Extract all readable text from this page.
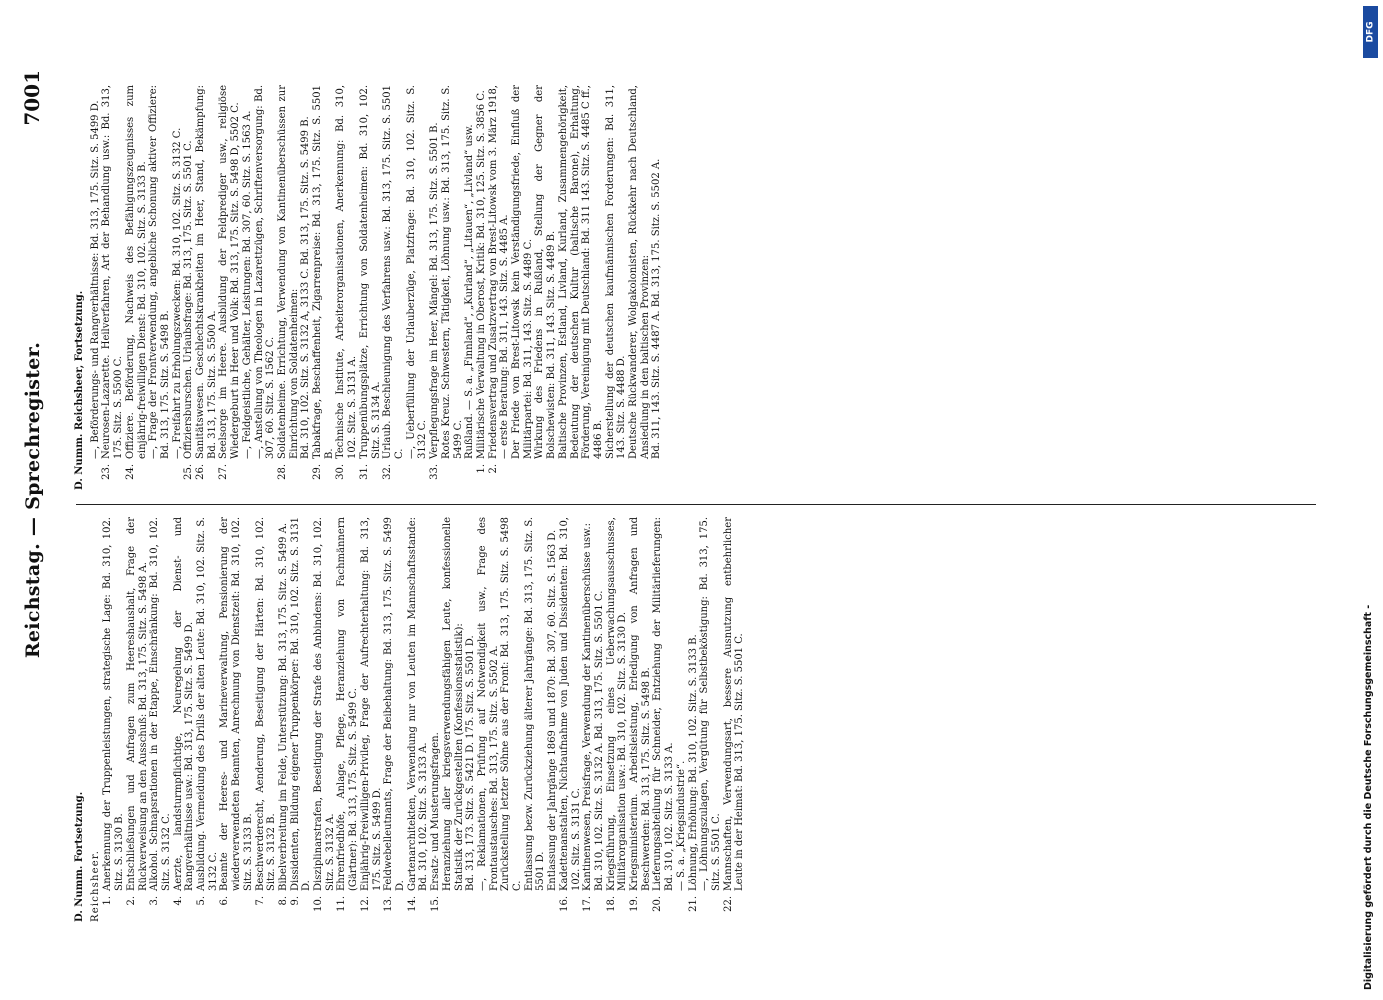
Reichstag. — Sprechregister.
7001
D. Numm. Fortsetzung. Reichsheer. 1.
Anerkennung der Truppenleistungen, strategische Lage: Bd. 310, 102. Sitz. S. 3130 B.
2.
Entschließungen und Anfragen zum Heereshaushalt, Frage der Rückverweisung an den Ausschuß: Bd. 313, 175. Sitz. S. 5498 A.
3.
Alkohol. Schnapsrationen in der Etappe, Einschränkung: Bd. 310, 102. Sitz. S. 3132 C.
4.
Aerzte, landsturmpflichtige, Neuregelung der Dienst- und Rangverhältnisse usw.: Bd. 313, 175. Sitz. S. 5499 D.
5.
Ausbildung. Vermeidung des Drills der alten Leute: Bd. 310, 102. Sitz. S. 3132 C.
6.
Beamte der Heeres- und Marineverwaltung, Pensionierung der wiederverwendeten Beamten, Anrechnung von Dienstzeit: Bd. 310, 102. Sitz. S. 3133 B.
7.
Beschwerderecht, Aenderung, Beseitigung der Härten: Bd. 310, 102. Sitz. S. 3132 B.
8.
Bibelverbreitung im Felde, Unterstützung: Bd. 313, 175. Sitz. S. 5499 A.
9.
Dissidenten, Bildung eigener Truppenkörper: Bd. 310, 102. Sitz. S. 3131 D.
10.
Disziplinarstrafen, Beseitigung der Strafe des Anbindens: Bd. 310, 102. Sitz. S. 3132 A.
11.
Ehrenfriedhöfe, Anlage, Pflege, Heranziehung von Fachmännern (Gärtner): Bd. 313, 175. Sitz. S. 5499 C.
12.
Einjährig-Freiwilligen-Privileg, Frage der Aufrechterhaltung: Bd. 313, 175. Sitz. S. 5499 D.
13.
Feldwebelleutnants, Frage der Beibehaltung: Bd. 313, 175. Sitz. S. 5499 D.
14.
Gartenarchitekten, Verwendung nur von Leuten im Mannschaftsstande: Bd. 310, 102. Sitz. S. 3133 A.
15.
Ersatz- und Musterungsfragen. Heranziehung aller kriegsverwendungsfähigen Leute, konfessionelle Statistik der Zurückgestellten (Konfessionsstatistik): Bd. 313, 173. Sitz. S. 5421 D. 175. Sitz. S. 5501 D. —, Reklamationen, Prüfung auf Notwendigkeit usw., Frage des Frontaustausches: Bd. 313, 175. Sitz. S. 5502 A. Zurückstellung letzter Söhne aus der Front: Bd. 313, 175. Sitz. S. 5498 C. Entlassung bezw. Zurückziehung älterer Jahrgänge: Bd. 313, 175. Sitz. S. 5501 D. Entlassung der Jahrgänge 1869 und 1870: Bd. 307, 60. Sitz. S. 1563 D.
16.
Kadettenanstalten, Nichtaufnahme von Juden und Dissidenten: Bd. 310, 102. Sitz. S. 3131 C.
17.
Kantinenwesen, Preisfrage, Verwendung der Kantinenüberschüsse usw.: Bd. 310, 102. Sitz. S. 3132 A. Bd. 313, 175. Sitz. S. 5501 C.
18.
Kriegsführung, Einsetzung eines Ueberwachungsausschusses, Militärorganisation usw.: Bd. 310, 102. Sitz. S. 3130 D.
19.
Kriegsministerium. Arbeitsleistung, Erledigung von Anfragen und Beschwerden: Bd. 313, 175. Sitz. S. 5498 B.
20.
Lieferungsabteilung für Schneider, Entziehung der Militärlieferungen: Bd. 310, 102. Sitz. S. 3133 A. — S. a. „Kriegsindustrie“.
21.
Löhnung, Erhöhung: Bd. 310, 102. Sitz. S. 3133 B. —, Löhnungszulagen, Vergütung für Selbstbeköstigung: Bd. 313, 175. Sitz. S. 5501 C.
22.
Mannschaften, Verwendungsart, bessere Ausnutzung entbehrlicher Leute in der Heimat: Bd. 313, 175. Sitz. S. 5501 C.
D. Numm. Reichsheer, Fortsetzung. —, Beförderungs- und Rangverhältnisse: Bd. 313, 175. Sitz. S. 5499 D.
23.
Neurosen-Lazarette. Heilverfahren, Art der Behandlung usw.: Bd. 313, 175. Sitz. S. 5500 C.
24.
Offiziere. Beförderung, Nachweis des Befähigungszeugnisses zum einjährig-freiwilligen Dienst: Bd. 310, 102. Sitz. S. 3133 B. —, Frage der Frontverwendung, angebliche Schonung aktiver Offiziere: Bd. 313, 175. Sitz. S. 5498 B. —, Freifahrt zu Erholungszwecken: Bd. 310, 102. Sitz. S. 3132 C.
25.
Offiziersburschen. Urlaubsfrage: Bd. 313, 175. Sitz. S. 5501 C.
26.
Sanitätswesen. Geschlechtskrankheiten im Heer, Stand, Bekämpfung: Bd. 313, 175. Sitz. S. 5500 A.
27.
Seelsorge im Heere. Ausbildung der Feldprediger usw., religiöse Wiedergeburt in Heer und Volk: Bd. 313, 175. Sitz. S. 5498 D, 5502 C. —, Feldgeistliche, Gehälter, Leistungen: Bd. 307, 60. Sitz. S. 1563 A. —, Anstellung von Theologen in Lazarettzügen, Schriftenversorgung: Bd. 307, 60. Sitz. S. 1562 C.
28.
Soldatenheime. Errichtung, Verwendung von Kantinenüberschüssen zur Einrichtung von Soldatenheimen: Bd. 310, 102. Sitz. S. 3132 A, 3133 C. Bd. 313, 175. Sitz. S. 5499 B.
29.
Tabakfrage, Beschaffenheit, Zigarrenpreise: Bd. 313, 175. Sitz. S. 5501 B.
30.
Technische Institute, Arbeiterorganisationen, Anerkennung: Bd. 310, 102. Sitz. S. 3131 A.
31.
Truppenübungsplätze, Errichtung von Soldatenheimen: Bd. 310, 102. Sitz. S. 3134 A.
32.
Urlaub. Beschleunigung des Verfahrens usw.: Bd. 313, 175. Sitz. S. 5501 C. —, Ueberfüllung der Urlauberzüge, Platzfrage: Bd. 310, 102. Sitz. S. 3132 C.
33.
Verpflegungsfrage im Heer, Mängel: Bd. 313, 175. Sitz. S. 5501 B. Rotes Kreuz. Schwestern, Tätigkeit, Löhnung usw.: Bd. 313, 175. Sitz. S. 5499 C. Rußland. — S. a. „Finnland“, „Kurland“, „Litauen“, „Livland“ usw.
1.
Militärische Verwaltung in Oberost, Kritik: Bd. 310, 125. Sitz. S. 3856 C.
2.
Friedensvertrag und Zusatzvertrag von Brest-Litowsk vom 3. März 1918, — erste Beratung: Bd. 311, 143. Sitz. S. 4485 A. Der Friede von Brest-Litowsk kein Verständigungsfriede, Einfluß der Militärpartei: Bd. 311, 143. Sitz. S. 4489 C. Wirkung des Friedens in Rußland, Stellung der Gegner der Bolschewisten: Bd. 311, 143. Sitz. S. 4489 B. Baltische Provinzen, Estland, Livland, Kurland, Zusammengehörigkeit, Bedeutung der deutschen Kultur (baltische Barone), Erhaltung, Förderung, Vereinigung mit Deutschland: Bd. 311 143. Sitz. S. 4485 C ff., 4486 B. Sicherstellung der deutschen kaufmännischen Forderungen: Bd. 311, 143. Sitz. S. 4488 D. Deutsche Rückwanderer, Wolgakolonisten, Rückkehr nach Deutschland, Ansiedlung in den baltischen Provinzen: Bd. 311, 143. Sitz. S. 4487 A. Bd. 313, 175. Sitz. S. 5502 A.
DFG
Digitalisierung gefördert durch die Deutsche Forschungsgemeinschaft -
